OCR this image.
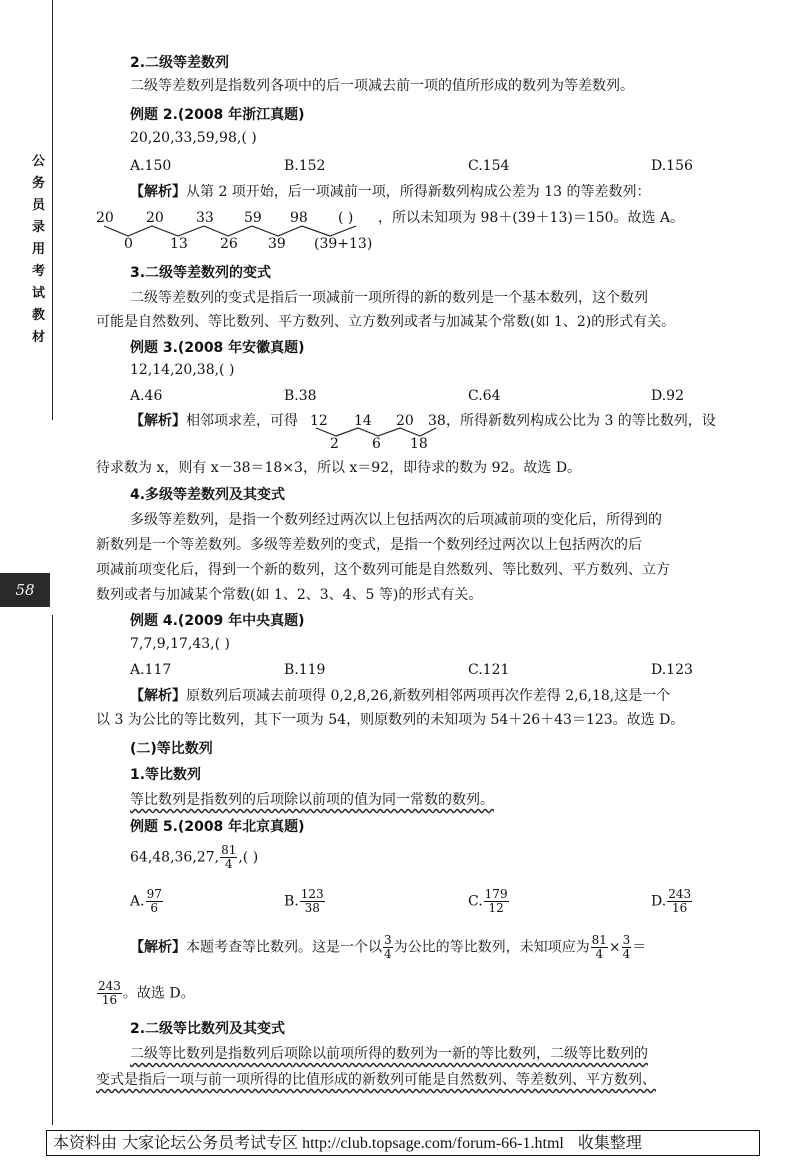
公
务
员
录
用
考
试
教
材
58
2.二级等差数列
二级等差数列是指数列各项中的后一项减去前一项的值所形成的数列为等差数列。
例题 2.(2008 年浙江真题)
20,20,33,59,98,( )
A.150	B.152	C.154	D.156
【解析】从第 2 项开始，后一项减前一项，所得新数列构成公差为 13 的等差数列：
20 20 33 59 98 ( ) ，所以未知项为 98＋(39＋13)＝150。故选 A。
0	13 26 39 (39+13)
3.二级等差数列的变式
二级等差数列的变式是指后一项减前一项所得的新的数列是一个基本数列，这个数列
可能是自然数列、等比数列、平方数列、立方数列或者与加减某个常数(如 1、2)的形式有关。
例题 3.(2008 年安徽真题)
12,14,20,38,( )
A.46	B.38	C.64	D.92
【解析】相邻项求差，可得 12 14 20 38 ，所得新数列构成公比为 3 的等比数列，设
2 6 18
待求数为 x，则有 x－38＝18×3，所以 x＝92，即待求的数为 92。故选 D。
4.多级等差数列及其变式
多级等差数列，是指一个数列经过两次以上包括两次的后项减前项的变化后，所得到的
新数列是一个等差数列。多级等差数列的变式，是指一个数列经过两次以上包括两次的后
项减前项变化后，得到一个新的数列，这个数列可能是自然数列、等比数列、平方数列、立方
数列或者与加减某个常数(如 1、2、3、4、5 等)的形式有关。
例题 4.(2009 年中央真题)
7,7,9,17,43,( )
A.117	B.119	C.121	D.123
【解析】原数列后项减去前项得 0,2,8,26,新数列相邻两项再次作差得 2,6,18,这是一个
以 3 为公比的等比数列，其下一项为 54，则原数列的未知项为 54＋26＋43＝123。故选 D。
(二)等比数列
1.等比数列
等比数列是指数列的后项除以前项的值为同一常数的数列。
例题 5.(2008 年北京真题)
64,48,36,27, $\frac{81}{4}$ ,( )
A. $\frac{97}{6}$	B. $\frac{123}{38}$	C. $\frac{179}{12}$	D. $\frac{243}{16}$
【解析】本题考查等比数列。这是一个以 $\frac{3}{4}$ 为公比的等比数列，未知项应为 $\frac{81}{4} \times \frac{3}{4}$ ＝
$\frac{243}{16}$ 。故选 D。
2.二级等比数列及其变式
二级等比数列是指数列后项除以前项所得的数列为一新的等比数列，二级等比数列的
变式是指后一项与前一项所得的比值形成的新数列可能是自然数列、等差数列、平方数列、
本资料由 大家论坛公务员考试专区 http://club.topsage.com/forum-66-1.html 收集整理
